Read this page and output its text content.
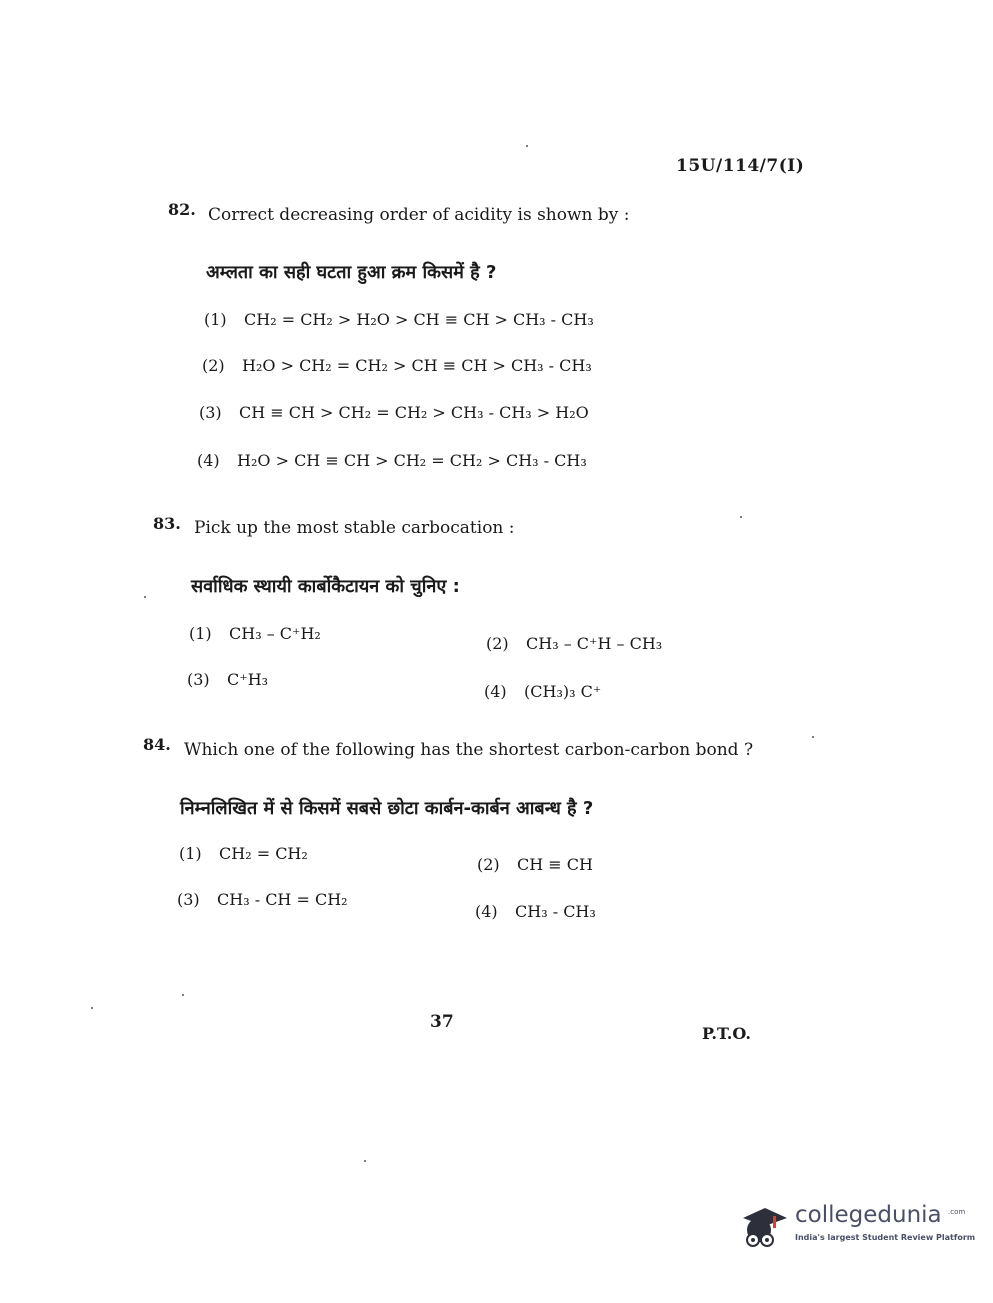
15U/114/7(I)
82. Correct decreasing order of acidity is shown by :
अम्लता का सही घटता हुआ क्रम किसमें है ?
(1) CH₂ = CH₂ > H₂O > CH ≡ CH > CH₃ - CH₃
(2) H₂O > CH₂ = CH₂ > CH ≡ CH > CH₃ - CH₃
(3) CH ≡ CH > CH₂ = CH₂ > CH₃ - CH₃ > H₂O
(4) H₂O > CH ≡ CH > CH₂ = CH₂ > CH₃ - CH₃
83. Pick up the most stable carbocation :
सर्वाधिक स्थायी कार्बोकैटायन को चुनिए :
(1) CH₃ – C⁺H₂
(2) CH₃ – C⁺H – CH₃
(3) C⁺H₃
(4) (CH₃)₃ C⁺
84. Which one of the following has the shortest carbon-carbon bond ?
निम्नलिखित में से किसमें सबसे छोटा कार्बन-कार्बन आबन्ध है ?
(1) CH₂ = CH₂
(2) CH ≡ CH
(3) CH₃ - CH = CH₂
(4) CH₃ - CH₃
37
P.T.O.
collegedunia .com
India's largest Student Review Platform
